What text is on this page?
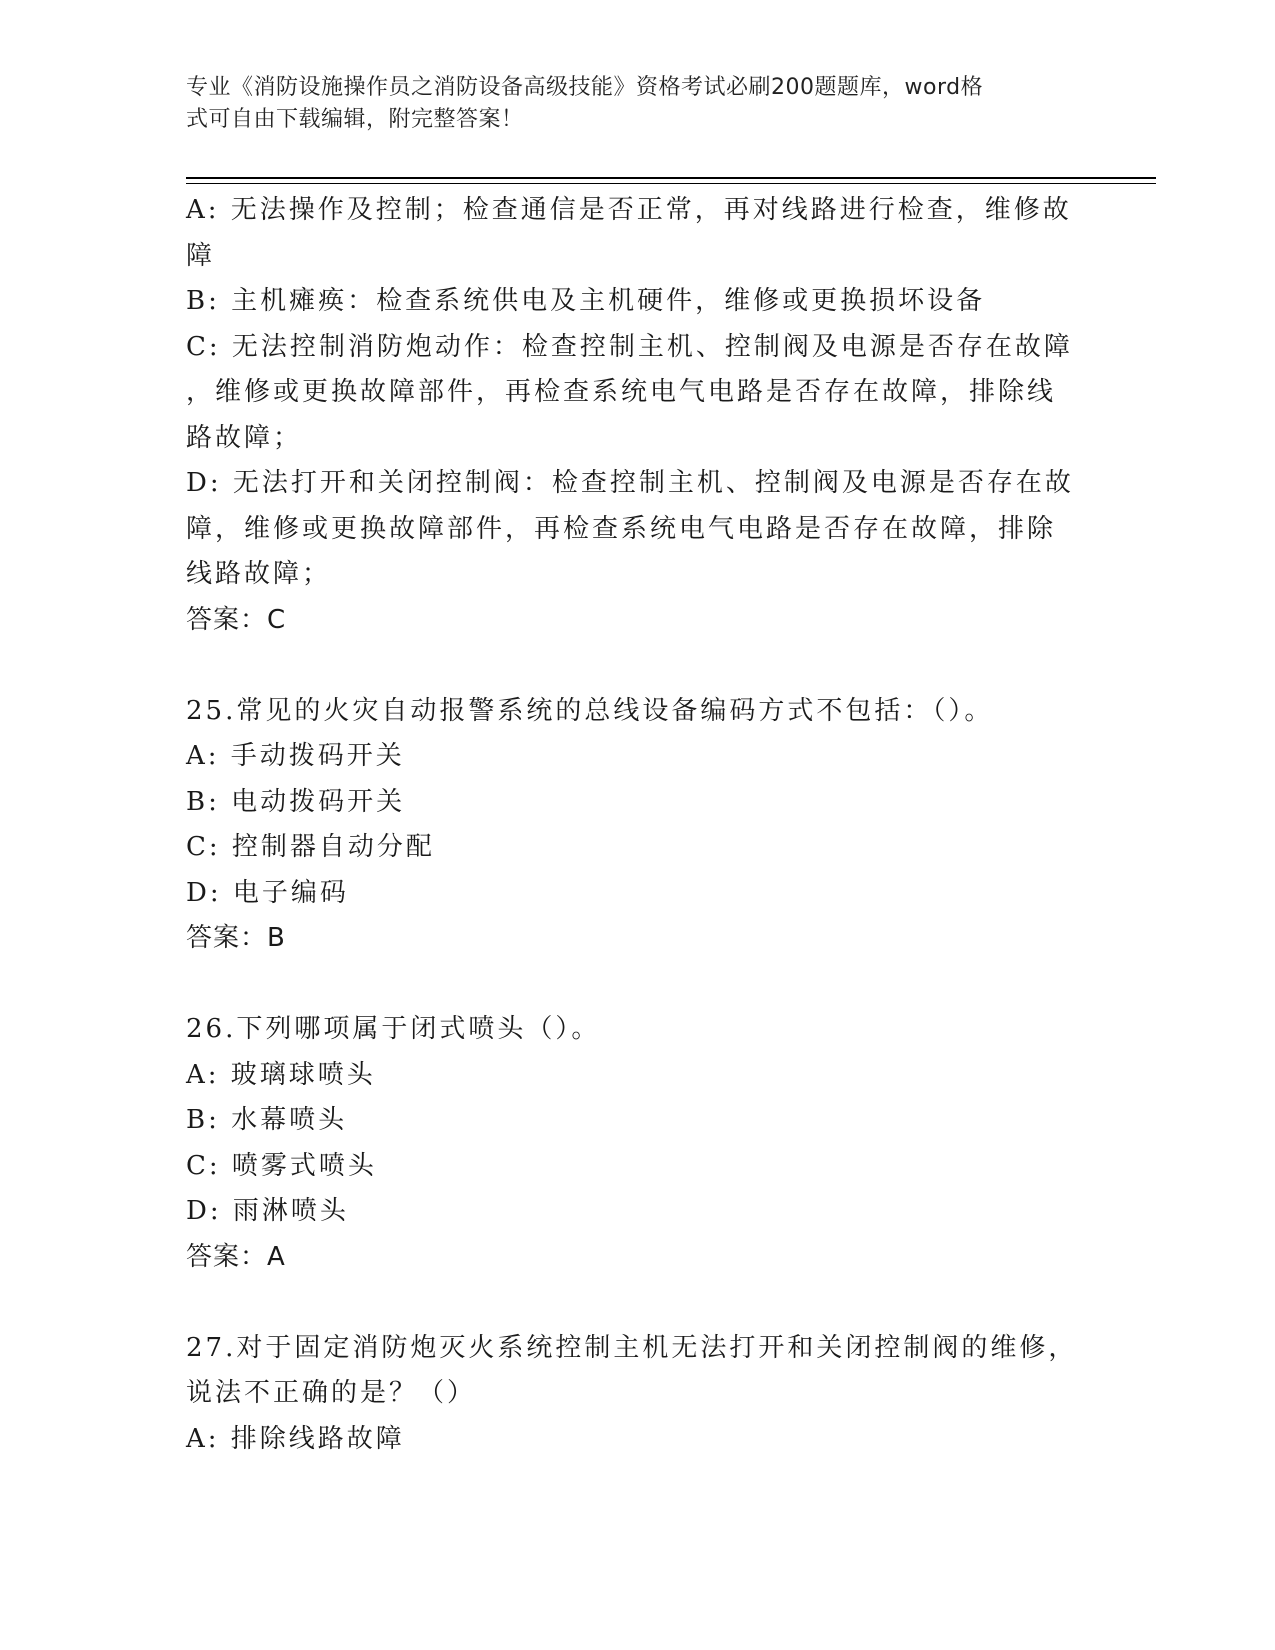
专业《消防设施操作员之消防设备高级技能》资格考试必刷200题题库，word格
式可自由下载编辑，附完整答案！

A: 无法操作及控制；检查通信是否正常，再对线路进行检查，维修故

障

B: 主机瘫痪：检查系统供电及主机硬件，维修或更换损坏设备

C: 无法控制消防炮动作：检查控制主机、控制阀及电源是否存在故障

，维修或更换故障部件，再检查系统电气电路是否存在故障，排除线

路故障；

D: 无法打开和关闭控制阀：检查控制主机、控制阀及电源是否存在故

障，维修或更换故障部件，再检查系统电气电路是否存在故障，排除

线路故障；

答案：C

25.常见的火灾自动报警系统的总线设备编码方式不包括：（）。

A: 手动拨码开关

B: 电动拨码开关

C: 控制器自动分配

D: 电子编码

答案：B

26.下列哪项属于闭式喷头（）。

A: 玻璃球喷头

B: 水幕喷头

C: 喷雾式喷头

D: 雨淋喷头

答案：A

27.对于固定消防炮灭火系统控制主机无法打开和关闭控制阀的维修，

说法不正确的是？（）

A: 排除线路故障
